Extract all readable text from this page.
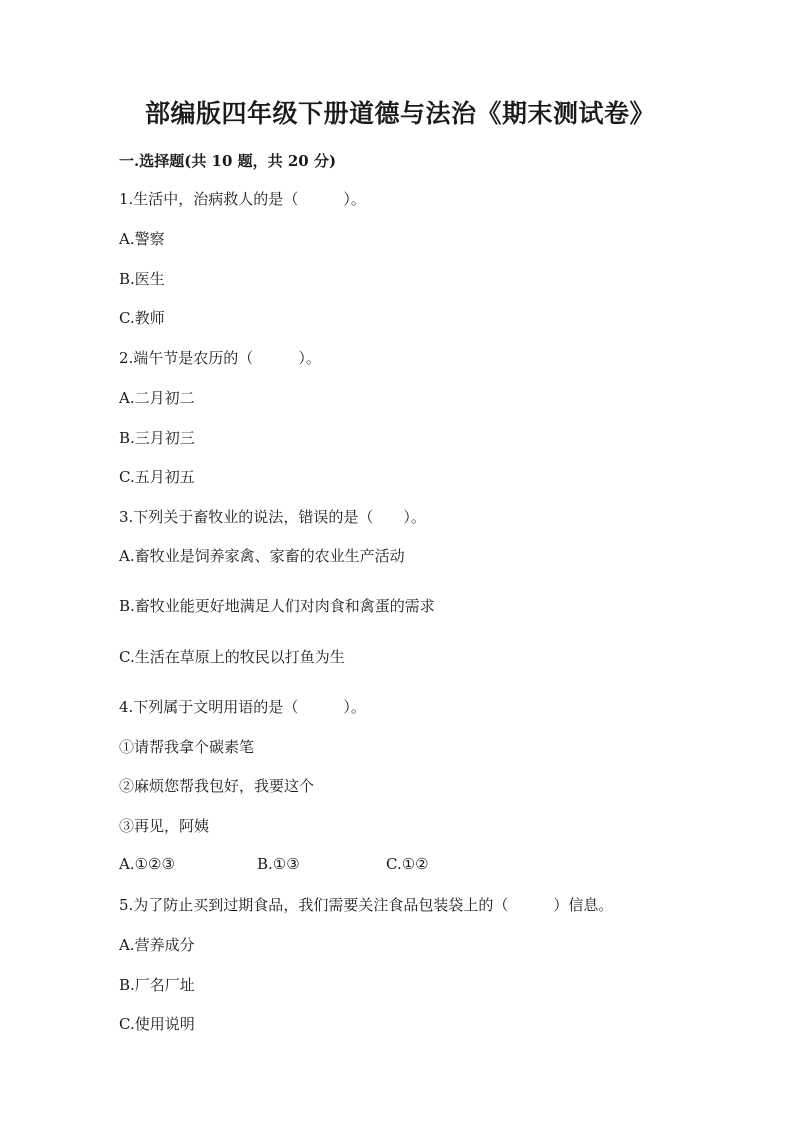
部编版四年级下册道德与法治《期末测试卷》
一.选择题(共 10 题，共 20 分)
1.生活中，治病救人的是（　　　）。
A.警察
B.医生
C.教师
2.端午节是农历的（　　　）。
A.二月初二
B.三月初三
C.五月初五
3.下列关于畜牧业的说法，错误的是（　　）。
A.畜牧业是饲养家禽、家畜的农业生产活动
B.畜牧业能更好地满足人们对肉食和禽蛋的需求
C.生活在草原上的牧民以打鱼为生
4.下列属于文明用语的是（　　　）。
①请帮我拿个碳素笔
②麻烦您帮我包好，我要这个
③再见，阿姨
A.①②③	B.①③	C.①②
5.为了防止买到过期食品，我们需要关注食品包装袋上的（　　　）信息。
A.营养成分
B.厂名厂址
C.使用说明
